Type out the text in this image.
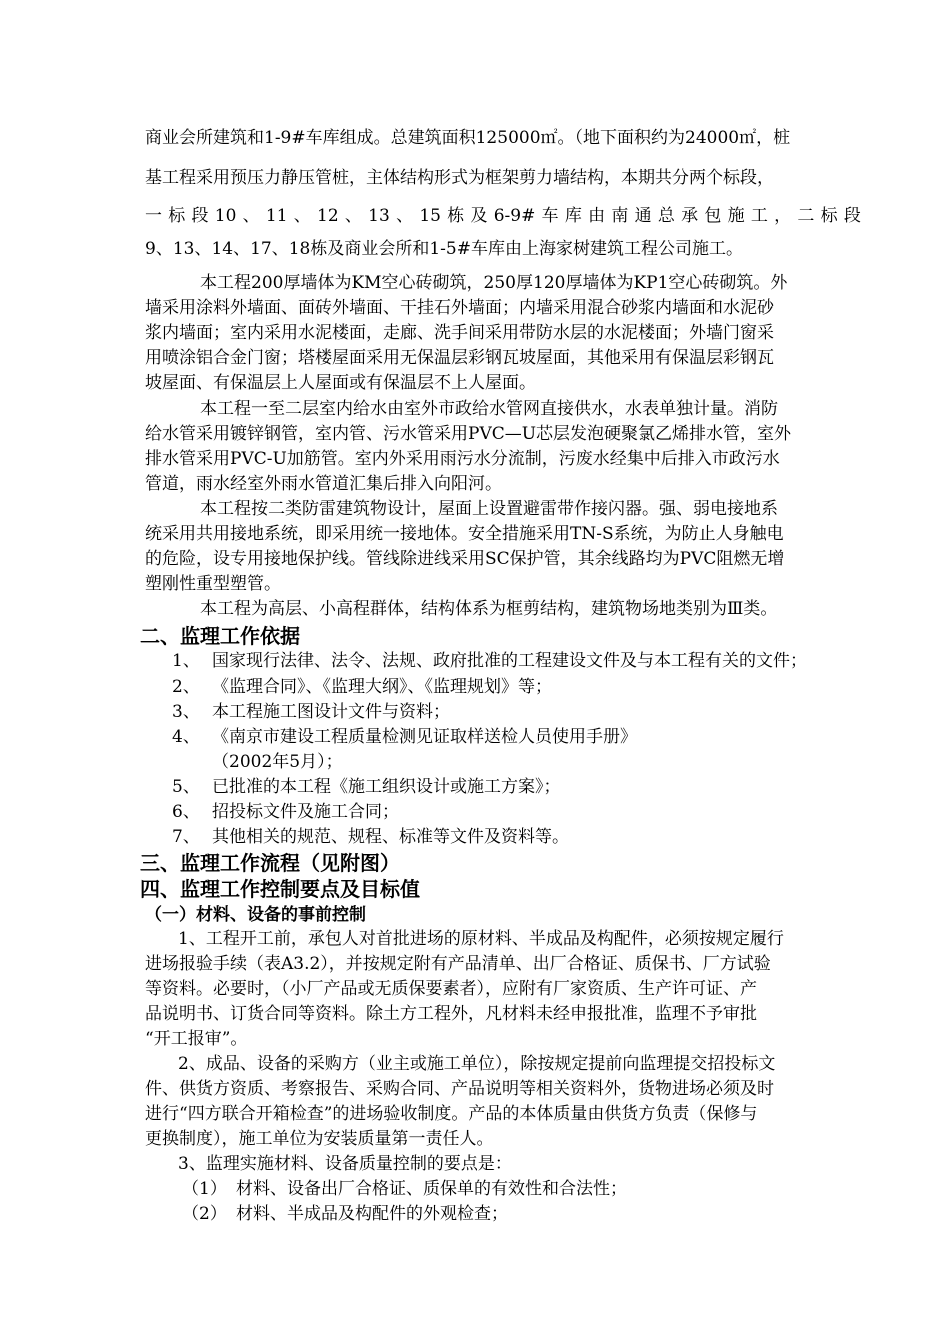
商业会所建筑和1-9#车库组成。总建筑面积125000㎡。（地下面积约为24000㎡，桩
基工程采用预压力静压管桩，主体结构形式为框架剪力墙结构，本期共分两个标段，
一 标 段 10 、 11 、 12 、 13 、 15 栋 及 6-9# 车 库 由 南 通 总 承 包 施 工 ， 二 标 段
9、13、14、17、18栋及商业会所和1-5#车库由上海家树建筑工程公司施工。
本工程200厚墙体为KM空心砖砌筑，250厚120厚墙体为KP1空心砖砌筑。外
墙采用涂料外墙面、面砖外墙面、干挂石外墙面；内墙采用混合砂浆内墙面和水泥砂
浆内墙面；室内采用水泥楼面，走廊、洗手间采用带防水层的水泥楼面；外墙门窗采
用喷涂铝合金门窗；塔楼屋面采用无保温层彩钢瓦坡屋面，其他采用有保温层彩钢瓦
坡屋面、有保温层上人屋面或有保温层不上人屋面。
本工程一至二层室内给水由室外市政给水管网直接供水，水表单独计量。消防
给水管采用镀锌钢管，室内管、污水管采用PVC—U芯层发泡硬聚氯乙烯排水管，室外
排水管采用PVC-U加筋管。室内外采用雨污水分流制，污废水经集中后排入市政污水
管道，雨水经室外雨水管道汇集后排入向阳河。
本工程按二类防雷建筑物设计，屋面上设置避雷带作接闪器。强、弱电接地系
统采用共用接地系统，即采用统一接地体。安全措施采用TN-S系统，为防止人身触电
的危险，设专用接地保护线。管线除进线采用SC保护管，其余线路均为PVC阻燃无增
塑刚性重型塑管。
本工程为高层、小高程群体，结构体系为框剪结构，建筑物场地类别为Ⅲ类。
二、监理工作依据
1、 国家现行法律、法令、法规、政府批准的工程建设文件及与本工程有关的文件；
2、 《监理合同》、《监理大纲》、《监理规划》等；
3、 本工程施工图设计文件与资料；
4、 《南京市建设工程质量检测见证取样送检人员使用手册》
（2002年5月）；
5、 已批准的本工程《施工组织设计或施工方案》；
6、 招投标文件及施工合同；
7、 其他相关的规范、规程、标准等文件及资料等。
三、监理工作流程（见附图）
四、监理工作控制要点及目标值
（一）材料、设备的事前控制
1、工程开工前，承包人对首批进场的原材料、半成品及构配件，必须按规定履行
进场报验手续（表A3.2），并按规定附有产品清单、出厂合格证、质保书、厂方试验
等资料。必要时，（小厂产品或无质保要素者），应附有厂家资质、生产许可证、产
品说明书、订货合同等资料。除土方工程外，凡材料未经申报批准，监理不予审批
“开工报审”。
2、成品、设备的采购方（业主或施工单位），除按规定提前向监理提交招投标文
件、供货方资质、考察报告、采购合同、产品说明等相关资料外，货物进场必须及时
进行“四方联合开箱检查”的进场验收制度。产品的本体质量由供货方负责（保修与
更换制度），施工单位为安装质量第一责任人。
3、监理实施材料、设备质量控制的要点是：
（1） 材料、设备出厂合格证、质保单的有效性和合法性；
（2） 材料、半成品及构配件的外观检查；
